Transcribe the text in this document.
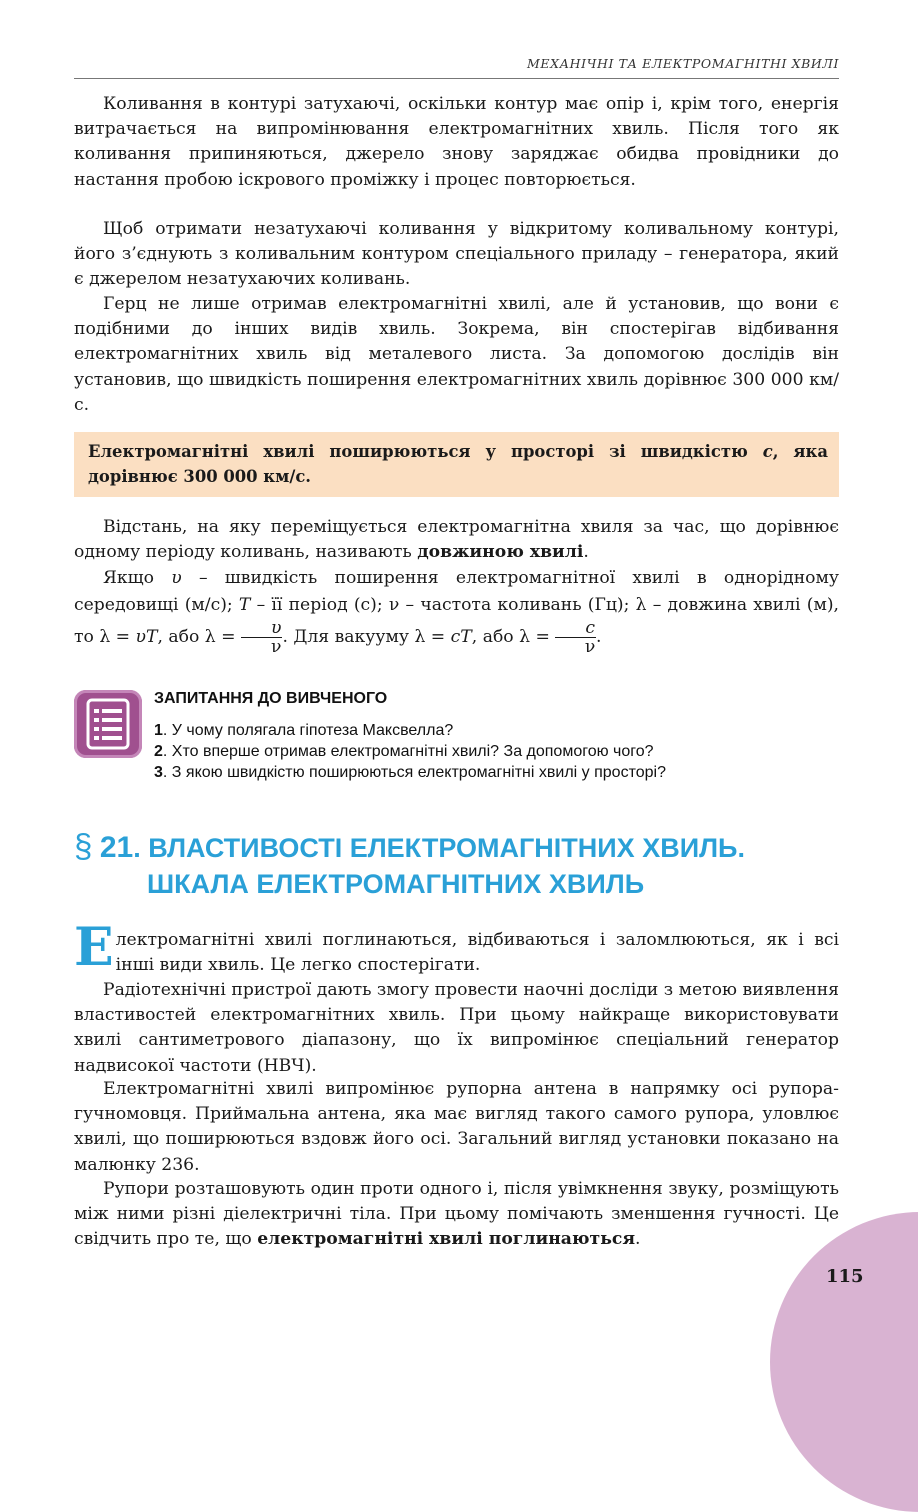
МЕХАНІЧНІ ТА ЕЛЕКТРОМАГНІТНІ ХВИЛІ

Коливання в контурі затухаючі, оскільки контур має опір і, крім того, енергія витрачається на випромінювання електромагнітних хвиль. Після того як коливання припиняються, джерело знову заряджає обидва провідники до настання пробою іскрового проміжку і процес повторюється.

Щоб отримати незатухаючі коливання у відкритому коливальному контурі, його з’єднують з коливальним контуром спеціального приладу – генератора, який є джерелом незатухаючих коливань.

Герц не лише отримав електромагнітні хвилі, але й установив, що вони є подібними до інших видів хвиль. Зокрема, він спостерігав відбивання електромагнітних хвиль від металевого листа. За допомогою дослідів він установив, що швидкість поширення електромагнітних хвиль дорівнює 300 000 км/с.

Електромагнітні хвилі поширюються у просторі зі швидкістю c, яка дорівнює 300 000 км/с.

Відстань, на яку переміщується електромагнітна хвиля за час, що дорівнює одному періоду коливань, називають довжиною хвилі.

Якщо υ – швидкість поширення електромагнітної хвилі в однорідному середовищі (м/с); T – її період (с); ν – частота коливань (Гц); λ – довжина хвилі (м), то λ = υT, або $\lambda = \frac{\upsilon}{\nu}$ . Для вакууму λ = cT, або $\lambda = \frac{c}{\nu}$ .

ЗАПИТАННЯ ДО ВИВЧЕНОГО
1. У чому полягала гіпотеза Максвелла?
2. Хто вперше отримав електромагнітні хвилі? За допомогою чого?
3. З якою швидкістю поширюються електромагнітні хвилі у просторі?
§ 21. ВЛАСТИВОСТІ ЕЛЕКТРОМАГНІТНИХ ХВИЛЬ.
ШКАЛА ЕЛЕКТРОМАГНІТНИХ ХВИЛЬ

Електромагнітні хвилі поглинаються, відбиваються і заломлюються, як і всі інші види хвиль. Це легко спостерігати.

Радіотехнічні пристрої дають змогу провести наочні досліди з метою виявлення властивостей електромагнітних хвиль. При цьому найкраще використовувати хвилі сантиметрового діапазону, що їх випромінює спеціальний генератор надвисокої частоти (НВЧ).

Електромагнітні хвилі випромінює рупорна антена в напрямку осі рупора-гучномовця. Приймальна антена, яка має вигляд такого самого рупора, уловлює хвилі, що поширюються вздовж його осі. Загальний вигляд установки показано на малюнку 236.

Рупори розташовують один проти одного і, після увімкнення звуку, розміщують між ними різні діелектричні тіла. При цьому помічають зменшення гучності. Це свідчить про те, що електромагнітні хвилі поглинаються.

115
